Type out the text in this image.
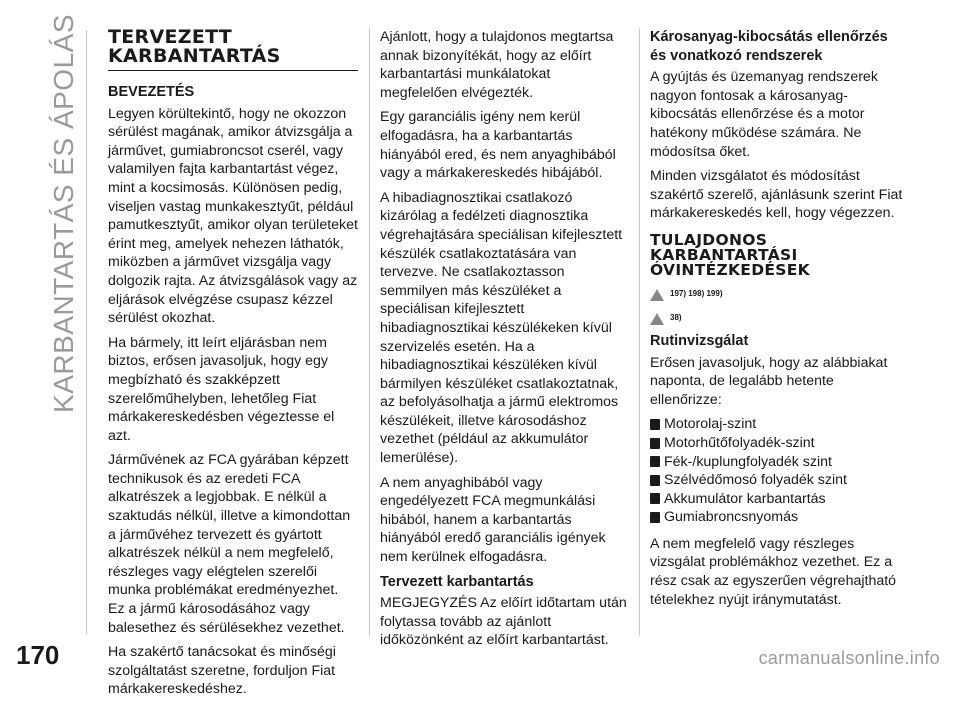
KARBANTARTÁS ÉS ÁPOLÁS
170
TERVEZETT KARBANTARTÁS
BEVEZETÉS

Legyen körültekintő, hogy ne okozzon sérülést magának, amikor átvizsgálja a járművet, gumiabroncsot cserél, vagy valamilyen fajta karbantartást végez, mint a kocsimosás. Különösen pedig, viseljen vastag munkakesztyűt, például pamutkesztyűt, amikor olyan területeket érint meg, amelyek nehezen láthatók, miközben a járművet vizsgálja vagy dolgozik rajta. Az átvizsgálások vagy az eljárások elvégzése csupasz kézzel sérülést okozhat.

Ha bármely, itt leírt eljárásban nem biztos, erősen javasoljuk, hogy egy megbízható és szakképzett szerelőműhelyben, lehetőleg Fiat márkakereskedésben végeztesse el azt.

Járművének az FCA gyárában képzett technikusok és az eredeti FCA alkatrészek a legjobbak. E nélkül a szaktudás nélkül, illetve a kimondottan a járművéhez tervezett és gyártott alkatrészek nélkül a nem megfelelő, részleges vagy elégtelen szerelői munka problémákat eredményezhet. Ez a jármű károsodásához vagy balesethez és sérülésekhez vezethet.

Ha szakértő tanácsokat és minőségi szolgáltatást szeretne, forduljon Fiat márkakereskedéshez.

Ajánlott, hogy a tulajdonos megtartsa annak bizonyítékát, hogy az előírt karbantartási munkálatokat megfelelően elvégezték.

Egy garanciális igény nem kerül elfogadásra, ha a karbantartás hiányából ered, és nem anyaghibából vagy a márkakereskedés hibájából.

A hibadiagnosztikai csatlakozó kizárólag a fedélzeti diagnosztika végrehajtására speciálisan kifejlesztett készülék csatlakoztatására van tervezve. Ne csatlakoztasson semmilyen más készüléket a speciálisan kifejlesztett hibadiagnosztikai készülékeken kívül szervizelés esetén. Ha a hibadiagnosztikai készüléken kívül bármilyen készüléket csatlakoztatnak, az befolyásolhatja a jármű elektromos készülékeit, illetve károsodáshoz vezethet (például az akkumulátor lemerülése).

A nem anyaghibából vagy engedélyezett FCA megmunkálási hibából, hanem a karbantartás hiányából eredő garanciális igények nem kerülnek elfogadásra.

Tervezett karbantartás

MEGJEGYZÉS Az előírt időtartam után folytassa tovább az ajánlott időközönként az előírt karbantartást.

Károsanyag-kibocsátás ellenőrzés és vonatkozó rendszerek

A gyújtás és üzemanyag rendszerek nagyon fontosak a károsanyag-kibocsátás ellenőrzése és a motor hatékony működése számára. Ne módosítsa őket.

Minden vizsgálatot és módosítást szakértő szerelő, ajánlásunk szerint Fiat márkakereskedés kell, hogy végezzen.

TULAJDONOS KARBANTARTÁSI ÓVINTÉZKEDÉSEK
197) 198) 199)
38)
Rutinvizsgálat

Erősen javasoljuk, hogy az alábbiakat naponta, de legalább hetente ellenőrizze:

Motorolaj-szint
Motorhűtőfolyadék-szint
Fék-/kuplungfolyadék szint
Szélvédőmosó folyadék szint
Akkumulátor karbantartás
Gumiabroncsnyomás

A nem megfelelő vagy részleges vizsgálat problémákhoz vezethet. Ez a rész csak az egyszerűen végrehajtható tételekhez nyújt iránymutatást.

carmanualsonline.info
